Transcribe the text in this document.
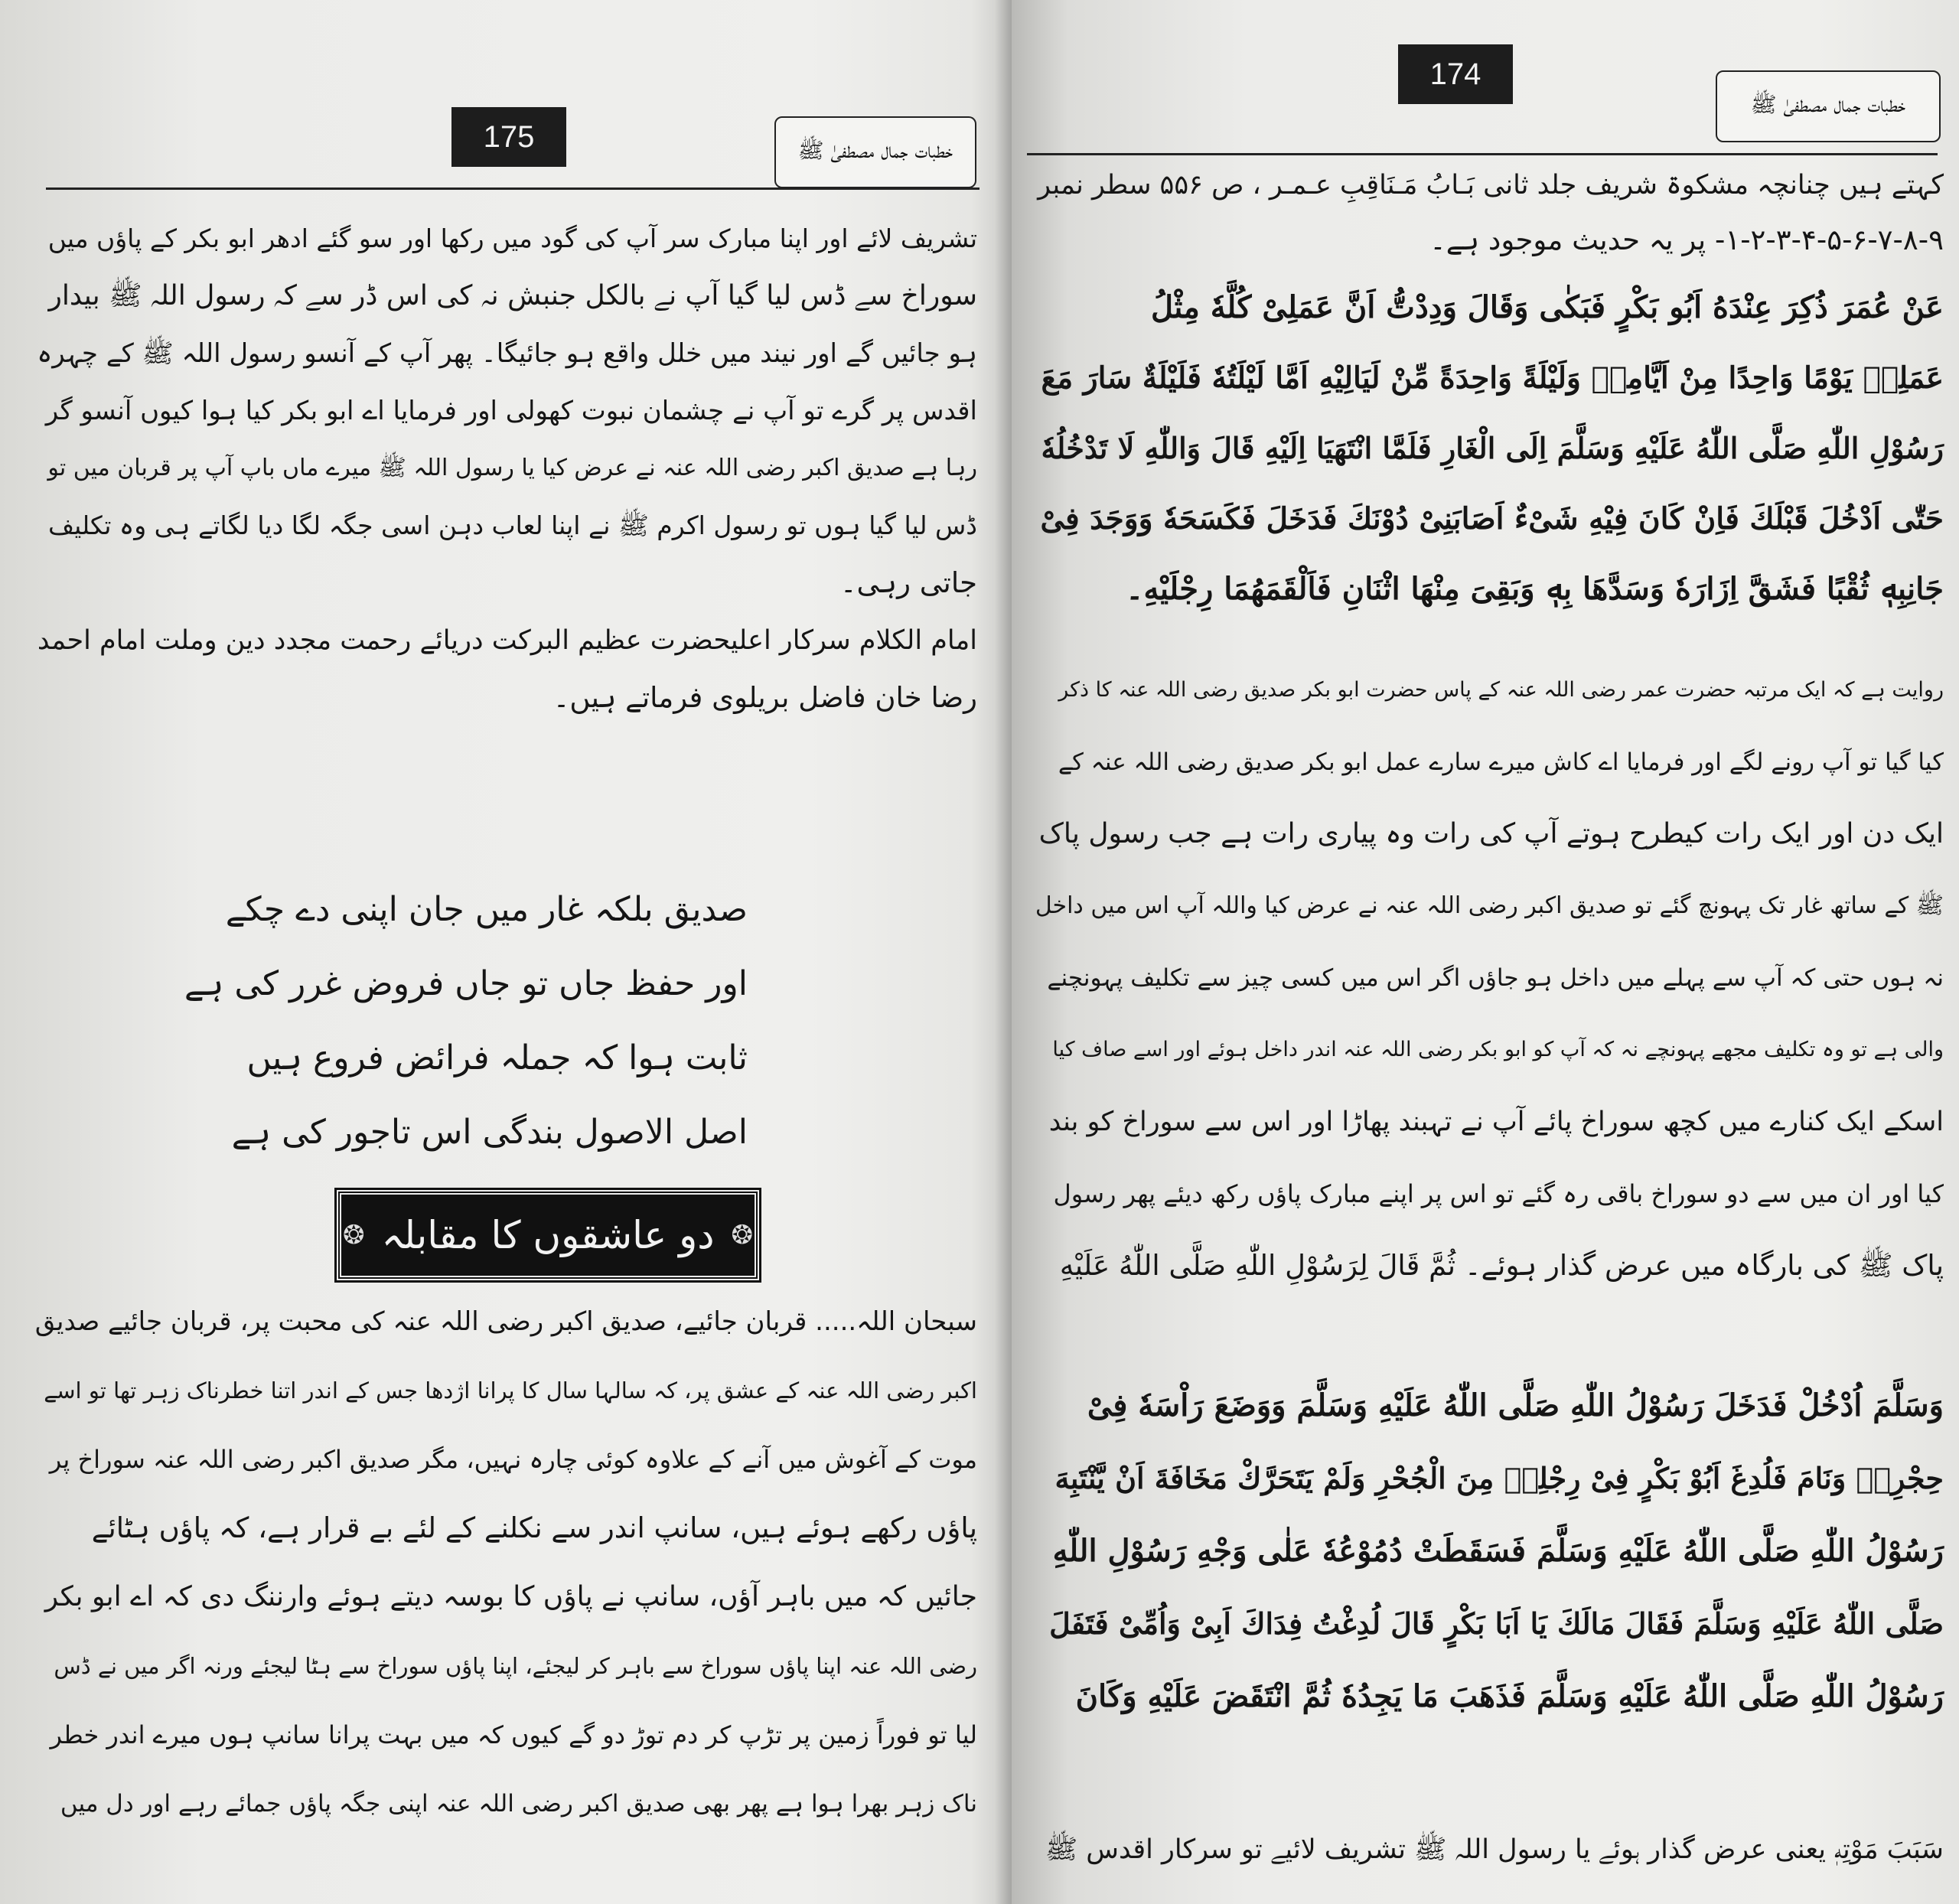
175	خطبات جمال مصطفیٰ ﷺ
تشریف لائے اور اپنا مبارک سر آپ کی گود میں رکھا اور سو گئے ادھر ابو بکر کے پاؤں میں
سوراخ سے ڈس لیا گیا آپ نے بالکل جنبش نہ کی اس ڈر سے کہ رسول اللہ ﷺ بیدار
ہو جائیں گے اور نیند میں خلل واقع ہو جائیگا۔ پھر آپ کے آنسو رسول اللہ ﷺ کے چہرہ
اقدس پر گرے تو آپ نے چشمان نبوت کھولی اور فرمایا اے ابو بکر کیا ہوا کیوں آنسو گر
رہا ہے صدیق اکبر رضی اللہ عنہ نے عرض کیا یا رسول اللہ ﷺ میرے ماں باپ آپ پر قربان میں تو
ڈس لیا گیا ہوں تو رسول اکرم ﷺ نے اپنا لعاب دہن اسی جگہ لگا دیا لگاتے ہی وہ تکلیف
جاتی رہی۔
امام الکلام سرکار اعلیحضرت عظیم البرکت دریائے رحمت مجدد دین وملت امام احمد
رضا خان فاضل بریلوی فرماتے ہیں۔
صدیق بلکہ غار میں جان اپنی دے چکے
اور حفظ جاں تو جاں فروض غرر کی ہے
ثابت ہوا کہ جملہ فرائض فروع ہیں
اصل الاصول بندگی اس تاجور کی ہے
❂
دو عاشقوں کا مقابلہ
❂
سبحان اللہ..... قربان جائیے، صدیق اکبر رضی اللہ عنہ کی محبت پر، قربان جائیے صدیق
اکبر رضی اللہ عنہ کے عشق پر، کہ سالہا سال کا پرانا اژدھا جس کے اندر اتنا خطرناک زہر تھا تو اسے
موت کے آغوش میں آنے کے علاوہ کوئی چارہ نہیں، مگر صدیق اکبر رضی اللہ عنہ سوراخ پر
پاؤں رکھے ہوئے ہیں، سانپ اندر سے نکلنے کے لئے بے قرار ہے، کہ پاؤں ہٹائے
جائیں کہ میں باہر آؤں، سانپ نے پاؤں کا بوسہ دیتے ہوئے وارننگ دی کہ اے ابو بکر
رضی اللہ عنہ اپنا پاؤں سوراخ سے باہر کر لیجئے، اپنا پاؤں سوراخ سے ہٹا لیجئے ورنہ اگر میں نے ڈس
لیا تو فوراً زمین پر تڑپ کر دم توڑ دو گے کیوں کہ میں بہت پرانا سانپ ہوں میرے اندر خطر
ناک زہر بھرا ہوا ہے پھر بھی صدیق اکبر رضی اللہ عنہ اپنی جگہ پاؤں جمائے رہے اور دل میں
174
خطبات جمال مصطفیٰ ﷺ
کہتے ہیں چنانچہ مشکوۃ شریف جلد ثانی بَـابُ مَـنَاقِبِ عـمـر ، ص ۵۵۶ سطر نمبر
۱-۲-۳-۴-۵-۶-۷-۸-۹- پر یہ حدیث موجود ہے۔
عَنْ عُمَرَ ذُكِرَ عِنْدَهُ اَبُو بَكْرٍ فَبَكٰى وَقَالَ وَدِدْتُّ اَنَّ عَمَلِىْ كُلَّهٗ مِثْلُ
عَمَلِهٖ يَوْمًا وَاحِدًا مِنْ اَيَّامِهٖ وَلَيْلَةً وَاحِدَةً مِّنْ لَيَالِيْهِ اَمَّا لَيْلَتُهٗ فَلَيْلَةٌ سَارَ مَعَ
رَسُوْلِ اللّٰهِ صَلَّى اللّٰهُ عَلَيْهِ وَسَلَّمَ اِلَى الْغَارِ فَلَمَّا انْتَهَيَا اِلَيْهِ قَالَ وَاللّٰهِ لَا تَدْخُلُهٗ
حَتّٰى اَدْخُلَ قَبْلَكَ فَاِنْ كَانَ فِيْهِ شَىْءٌ اَصَابَنِىْ دُوْنَكَ فَدَخَلَ فَكَسَحَهٗ وَوَجَدَ فِىْ
جَانِبِهٖ ثُقْبًا فَشَقَّ اِزَارَهٗ وَسَدَّهَا بِهٖ وَبَقِىَ مِنْهَا اثْنَانِ فَاَلْقَمَهُمَا رِجْلَيْهِ۔
روایت ہے کہ ایک مرتبہ حضرت عمر رضی اللہ عنہ کے پاس حضرت ابو بکر صدیق رضی اللہ عنہ کا ذکر
کیا گیا تو آپ رونے لگے اور فرمایا اے کاش میرے سارے عمل ابو بکر صدیق رضی اللہ عنہ کے
ایک دن اور ایک رات کیطرح ہوتے آپ کی رات وہ پیاری رات ہے جب رسول پاک
ﷺ کے ساتھ غار تک پہونچ گئے تو صدیق اکبر رضی اللہ عنہ نے عرض کیا واللہ آپ اس میں داخل
نہ ہوں حتی کہ آپ سے پہلے میں داخل ہو جاؤں اگر اس میں کسی چیز سے تکلیف پہونچنے
والی ہے تو وہ تکلیف مجھے پہونچے نہ کہ آپ کو ابو بکر رضی اللہ عنہ اندر داخل ہوئے اور اسے صاف کیا
اسکے ایک کنارے میں کچھ سوراخ پائے آپ نے تہبند پھاڑا اور اس سے سوراخ کو بند
کیا اور ان میں سے دو سوراخ باقی رہ گئے تو اس پر اپنے مبارک پاؤں رکھ دیئے پھر رسول
پاک ﷺ کی بارگاہ میں عرض گذار ہوئے۔ ثُمَّ قَالَ لِرَسُوْلِ اللّٰهِ صَلَّى اللّٰهُ عَلَيْهِ
وَسَلَّمَ اُدْخُلْ فَدَخَلَ رَسُوْلُ اللّٰهِ صَلَّى اللّٰهُ عَلَيْهِ وَسَلَّمَ وَوَضَعَ رَاْسَهٗ فِىْ
حِجْرِهٖ وَنَامَ فَلُدِغَ اَبُوْ بَكْرٍ فِىْ رِجْلِهٖ مِنَ الْجُحْرِ وَلَمْ يَتَحَرَّكْ مَخَافَةَ اَنْ يَّنْتَبِهَ
رَسُوْلُ اللّٰهِ صَلَّى اللّٰهُ عَلَيْهِ وَسَلَّمَ فَسَقَطَتْ دُمُوْعُهٗ عَلٰى وَجْهِ رَسُوْلِ اللّٰهِ
صَلَّى اللّٰهُ عَلَيْهِ وَسَلَّمَ فَقَالَ مَالَكَ يَا اَبَا بَكْرٍ قَالَ لُدِغْتُ فِدَاكَ اَبِىْ وَاُمِّىْ فَتَفَلَ
رَسُوْلُ اللّٰهِ صَلَّى اللّٰهُ عَلَيْهِ وَسَلَّمَ فَذَهَبَ مَا يَجِدُهٗ ثُمَّ انْتَقَضَ عَلَيْهِ وَكَانَ
سَبَبَ مَوْتِهٖ یعنی عرض گذار ہوئے یا رسول اللہ ﷺ تشریف لائیے تو سرکار اقدس ﷺ
